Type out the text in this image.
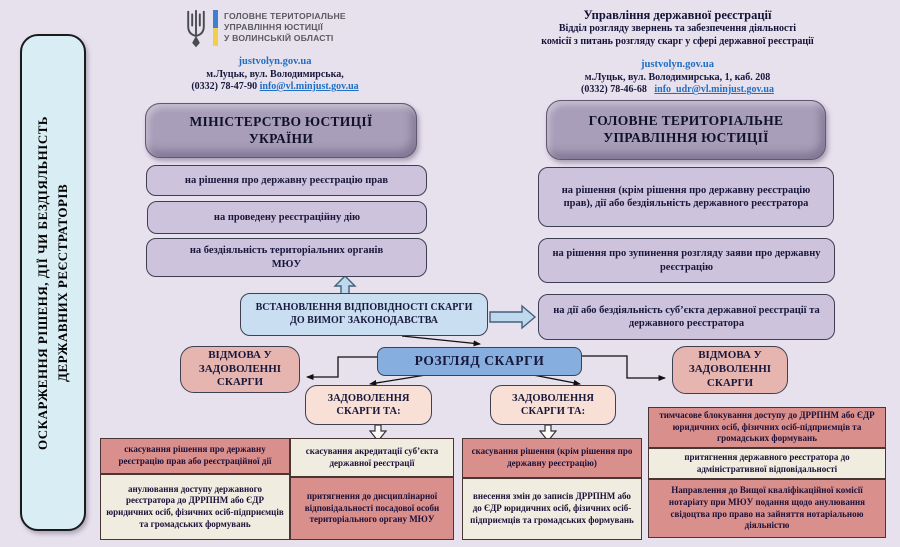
ОСКАРЖЕННЯ РІШЕНЯ, ДІЇ ЧИ БЕЗДІЯЛЬНІСТЬ ДЕРЖАВНИХ РЕЄСТРАТОРІВ
ГОЛОВНЕ ТЕРИТОРІАЛЬНЕ
УПРАВЛІННЯ ЮСТИЦІЇ
У ВОЛИНСЬКІЙ ОБЛАСТІ
justvolyn.gov.ua
м.Луцьк, вул. Володимирська,
(0332) 78-47-90 info@vl.minjust.gov.ua
Управління державної реєстрації
Відділ розгляду звернень та забезпечення діяльності
комісії з питань розгляду скарг у сфері державної реєстрації
justvolyn.gov.ua
м.Луцьк, вул. Володимирська, 1, каб. 208
(0332) 78-46-68 info_udr@vl.minjust.gov.ua
МІНІСТЕРСТВО ЮСТИЦІЇ УКРАЇНИ
на рішення про державну реєстрацію прав
на проведену реєстраційну дію
на бездіяльність територіальних органів МЮУ
ГОЛОВНЕ ТЕРИТОРІАЛЬНЕ УПРАВЛІННЯ ЮСТИЦІЇ
на рішення (крім рішення про державну реєстрацію прав), дії або бездіяльність державного реєстратора
на рішення про зупинення розгляду заяви про державну реєстрацію
на дії або бездіяльність суб’єкта державної реєстрації та державного реєстратора
ВСТАНОВЛЕННЯ ВІДПОВІДНОСТІ СКАРГИ ДО ВИМОГ ЗАКОНОДАВСТВА
РОЗГЛЯД СКАРГИ
ВІДМОВА У ЗАДОВОЛЕННІ СКАРГИ
ВІДМОВА У ЗАДОВОЛЕННІ СКАРГИ
ЗАДОВОЛЕННЯ СКАРГИ ТА:
ЗАДОВОЛЕННЯ СКАРГИ ТА:
скасування рішення про державну реєстрацію прав або реєстраційної дії
анулювання доступу державного реєстратора до ДРРПНМ або ЄДР юридичних осіб, фізичних осіб-підприємців та громадських формувань
скасування акредитації суб’єкта державної реєстрації
притягнення до дисциплінарної відповідальності посадової особи територіального органу МЮУ
скасування рішення (крім рішення про державну реєстрацію)
внесення змін до записів ДРРПНМ або до ЄДР юридичних осіб, фізичних осіб-підприємців та громадських формувань
тимчасове блокування доступу до ДРРПНМ або ЄДР юридичних осіб, фізичних осіб-підприємців та громадських формувань
притягнення державного реєстратора до адміністративної відповідальності
Направлення до Вищої кваліфікаційної комісії нотаріату при МЮУ подання щодо анулювання свідоцтва про право на зайняття нотаріальною діяльністю
